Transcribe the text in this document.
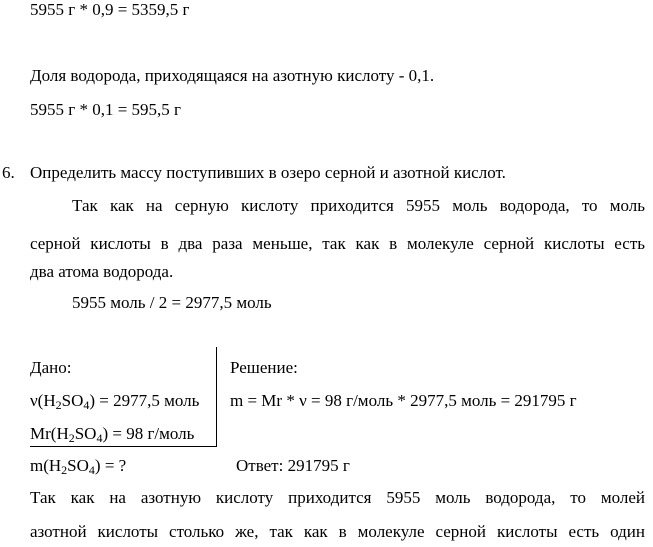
5955 г * 0,9 = 5359,5 г
Доля водорода, приходящаяся на азотную кислоту - 0,1.
5955 г * 0,1 = 595,5 г
6. Определить массу поступивших в озеро серной и азотной кислот.
Так как на серную кислоту приходится 5955 моль водорода, то моль
серной кислоты в два раза меньше, так как в молекуле серной кислоты есть
два атома водорода.
5955 моль / 2 = 2977,5 моль
Дано:
$\nu(H_2SO_4) = 2977,5$ моль
$Mr(H_2SO_4) = 98$ г/моль
$m(H_2SO_4)$ = ?
Решение:
m = Mr * ν = 98 г/моль * 2977,5 моль = 291795 г
Ответ: 291795 г
Так как на азотную кислоту приходится 5955 моль водорода, то молей
азотной кислоты столько же, так как в молекуле серной кислоты есть один
